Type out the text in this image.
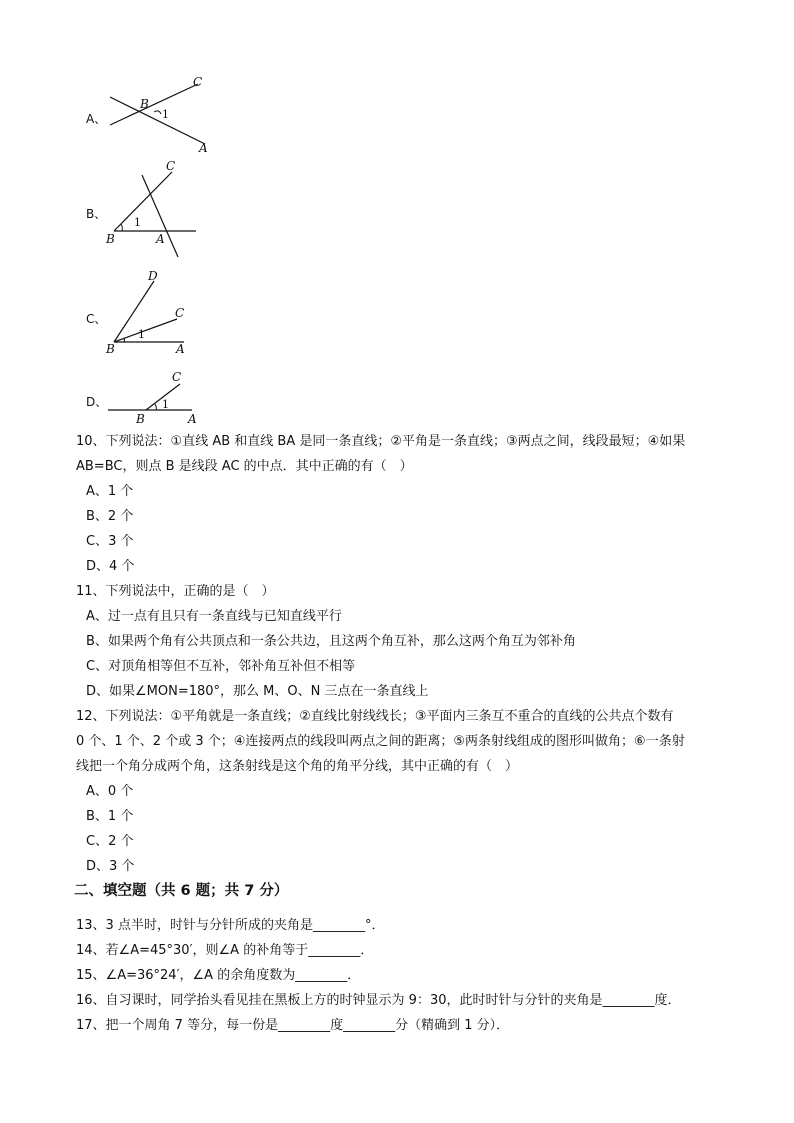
A、
C
B
A
1
B、
C
B	A
1
C、
D
C
B	A
1
D、
C
B	A
1
10、下列说法：①直线 AB 和直线 BA 是同一条直线；②平角是一条直线；③两点之间，线段最短；④如果
AB=BC，则点 B 是线段 AC 的中点．其中正确的有（　）
A、1 个
B、2 个
C、3 个
D、4 个
11、下列说法中，正确的是（　）
A、过一点有且只有一条直线与已知直线平行
B、如果两个角有公共顶点和一条公共边，且这两个角互补，那么这两个角互为邻补角
C、对顶角相等但不互补，邻补角互补但不相等
D、如果∠MON=180°，那么 M、O、N 三点在一条直线上
12、下列说法：①平角就是一条直线；②直线比射线线长；③平面内三条互不重合的直线的公共点个数有
0 个、1 个、2 个或 3 个；④连接两点的线段叫两点之间的距离；⑤两条射线组成的图形叫做角；⑥一条射
线把一个角分成两个角，这条射线是这个角的角平分线，其中正确的有（　）
A、0 个
B、1 个
C、2 个
D、3 个
二、填空题（共 6 题；共 7 分）
13、3 点半时，时针与分针所成的夹角是________°．
14、若∠A=45°30′，则∠A 的补角等于________．
15、∠A=36°24′，∠A 的余角度数为________．
16、自习课时，同学抬头看见挂在黑板上方的时钟显示为 9：30，此时时针与分针的夹角是________度．
17、把一个周角 7 等分，每一份是________度________分（精确到 1 分）．
